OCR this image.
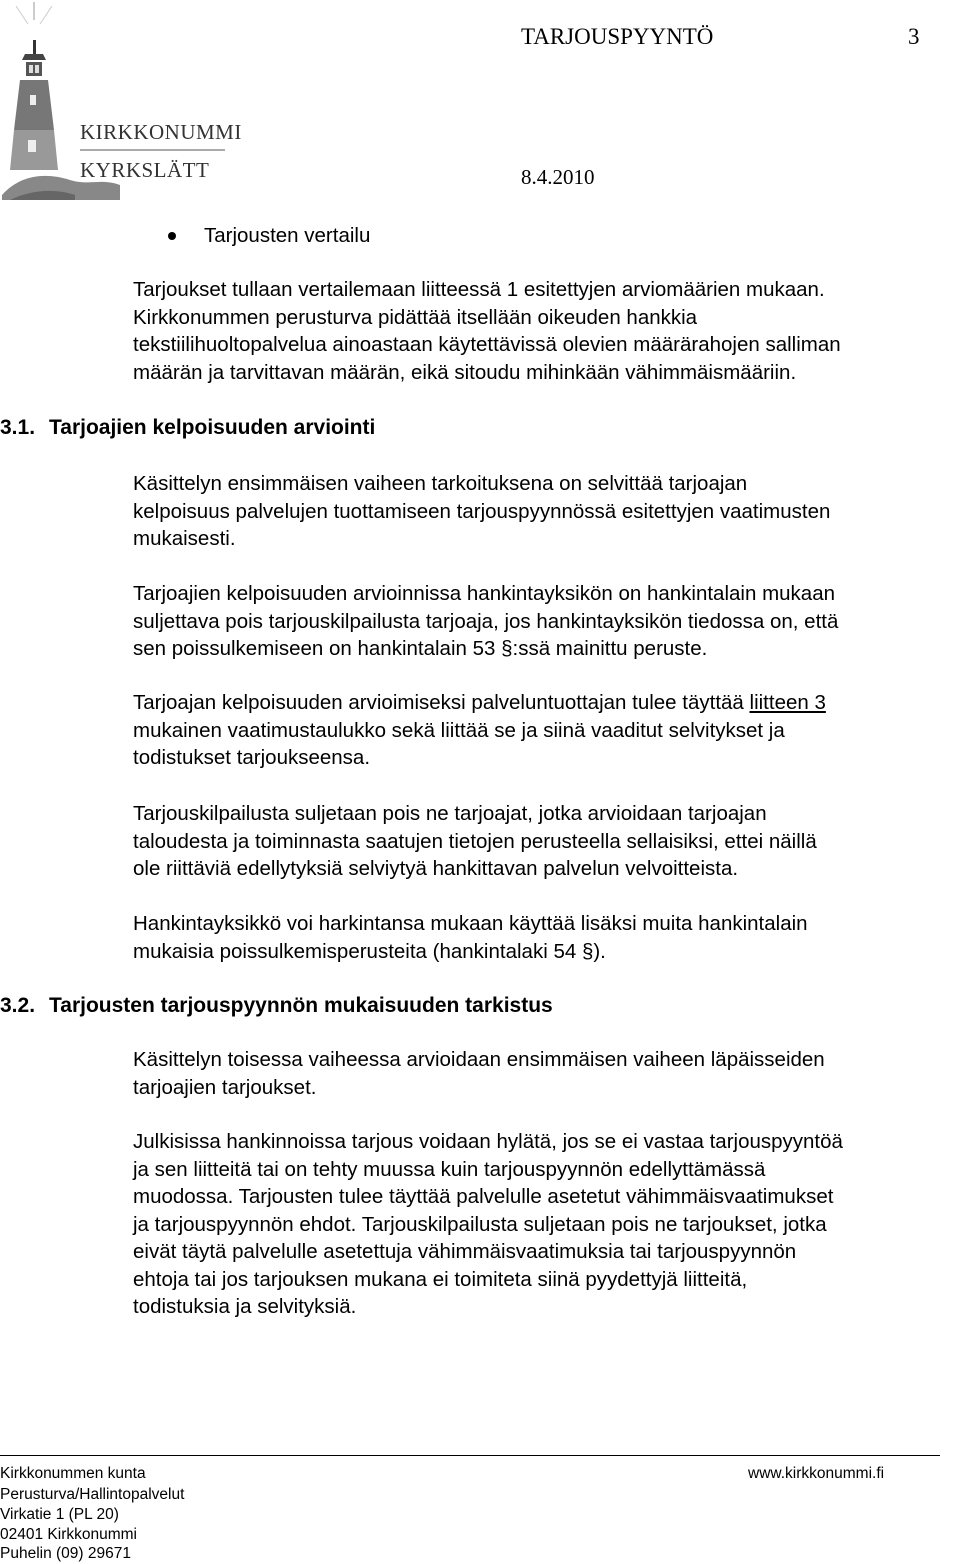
KIRKKONUMMI
KYRKSLÄTT
TARJOUSPYYNTÖ	3
8.4.2010
Tarjousten vertailu
Tarjoukset tullaan vertailemaan liitteessä 1 esitettyjen arviomäärien mukaan.
Kirkkonummen perusturva pidättää itsellään oikeuden hankkia
tekstiilihuoltopalvelua ainoastaan käytettävissä olevien määrärahojen salliman
määrän ja tarvittavan määrän, eikä sitoudu mihinkään vähimmäismääriin.
3.1. Tarjoajien kelpoisuuden arviointi
Käsittelyn ensimmäisen vaiheen tarkoituksena on selvittää tarjoajan
kelpoisuus palvelujen tuottamiseen tarjouspyynnössä esitettyjen vaatimusten
mukaisesti.
Tarjoajien kelpoisuuden arvioinnissa hankintayksikön on hankintalain mukaan
suljettava pois tarjouskilpailusta tarjoaja, jos hankintayksikön tiedossa on, että
sen poissulkemiseen on hankintalain 53 §:ssä mainittu peruste.
Tarjoajan kelpoisuuden arvioimiseksi palveluntuottajan tulee täyttää liitteen 3
mukainen vaatimustaulukko sekä liittää se ja siinä vaaditut selvitykset ja
todistukset tarjoukseensa.
Tarjouskilpailusta suljetaan pois ne tarjoajat, jotka arvioidaan tarjoajan
taloudesta ja toiminnasta saatujen tietojen perusteella sellaisiksi, ettei näillä
ole riittäviä edellytyksiä selviytyä hankittavan palvelun velvoitteista.
Hankintayksikkö voi harkintansa mukaan käyttää lisäksi muita hankintalain
mukaisia poissulkemisperusteita (hankintalaki 54 §).
3.2. Tarjousten tarjouspyynnön mukaisuuden tarkistus
Käsittelyn toisessa vaiheessa arvioidaan ensimmäisen vaiheen läpäisseiden
tarjoajien tarjoukset.
Julkisissa hankinnoissa tarjous voidaan hylätä, jos se ei vastaa tarjouspyyntöä
ja sen liitteitä tai on tehty muussa kuin tarjouspyynnön edellyttämässä
muodossa. Tarjousten tulee täyttää palvelulle asetetut vähimmäisvaatimukset
ja tarjouspyynnön ehdot. Tarjouskilpailusta suljetaan pois ne tarjoukset, jotka
eivät täytä palvelulle asetettuja vähimmäisvaatimuksia tai tarjouspyynnön
ehtoja tai jos tarjouksen mukana ei toimiteta siinä pyydettyjä liitteitä,
todistuksia ja selvityksiä.
Kirkkonummen kunta	www.kirkkonummi.fi
Perusturva/Hallintopalvelut
Virkatie 1 (PL 20)
02401 Kirkkonummi
Puhelin (09) 29671
